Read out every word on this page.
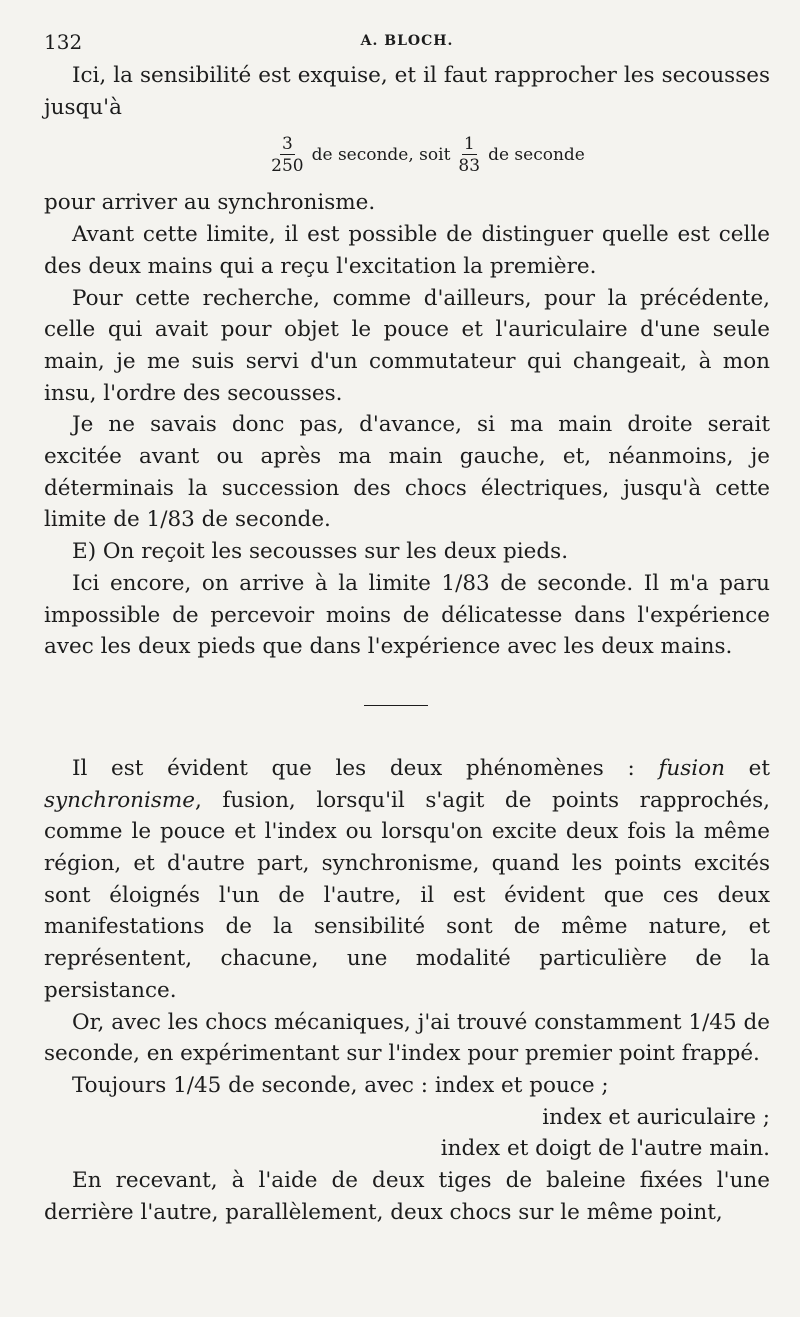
132	A. BLOCH.

Ici, la sensibilité est exquise, et il faut rapprocher les secousses jusqu'à

$\frac{3}{250}$ de seconde, soit $\frac{1}{83}$ de seconde

pour arriver au synchronisme.

Avant cette limite, il est possible de distinguer quelle est celle des deux mains qui a reçu l'excitation la première.

Pour cette recherche, comme d'ailleurs, pour la précédente, celle qui avait pour objet le pouce et l'auriculaire d'une seule main, je me suis servi d'un commutateur qui changeait, à mon insu, l'ordre des secousses.

Je ne savais donc pas, d'avance, si ma main droite serait excitée avant ou après ma main gauche, et, néanmoins, je déterminais la succession des chocs électriques, jusqu'à cette limite de 1/83 de seconde.

E) On reçoit les secousses sur les deux pieds.

Ici encore, on arrive à la limite 1/83 de seconde. Il m'a paru impossible de percevoir moins de délicatesse dans l'expérience avec les deux pieds que dans l'expérience avec les deux mains.

Il est évident que les deux phénomènes : fusion et synchronisme, fusion, lorsqu'il s'agit de points rapprochés, comme le pouce et l'index ou lorsqu'on excite deux fois la même région, et d'autre part, synchronisme, quand les points excités sont éloignés l'un de l'autre, il est évident que ces deux manifestations de la sensibilité sont de même nature, et représentent, chacune, une modalité particulière de la persistance.

Or, avec les chocs mécaniques, j'ai trouvé constamment 1/45 de seconde, en expérimentant sur l'index pour premier point frappé.

Toujours 1/45 de seconde, avec : index et pouce ;

index et auriculaire ;

index et doigt de l'autre main.

En recevant, à l'aide de deux tiges de baleine fixées l'une derrière l'autre, parallèlement, deux chocs sur le même point,
